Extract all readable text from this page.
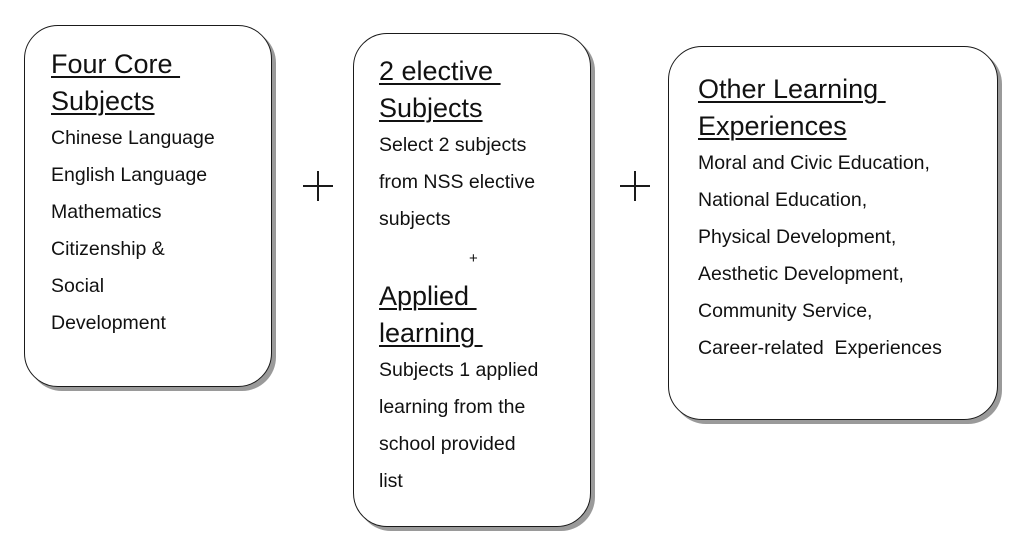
Four Core
Subjects

Chinese Language

English Language

Mathematics

Citizenship &

Social

Development

2 elective
Subjects

Select 2 subjects

from NSS elective

subjects

+

Applied
learning

Subjects 1 applied

learning from the

school provided

list

Other Learning
Experiences

Moral and Civic Education,

National Education,

Physical Development,

Aesthetic Development,

Community Service,

Career-related  Experiences
